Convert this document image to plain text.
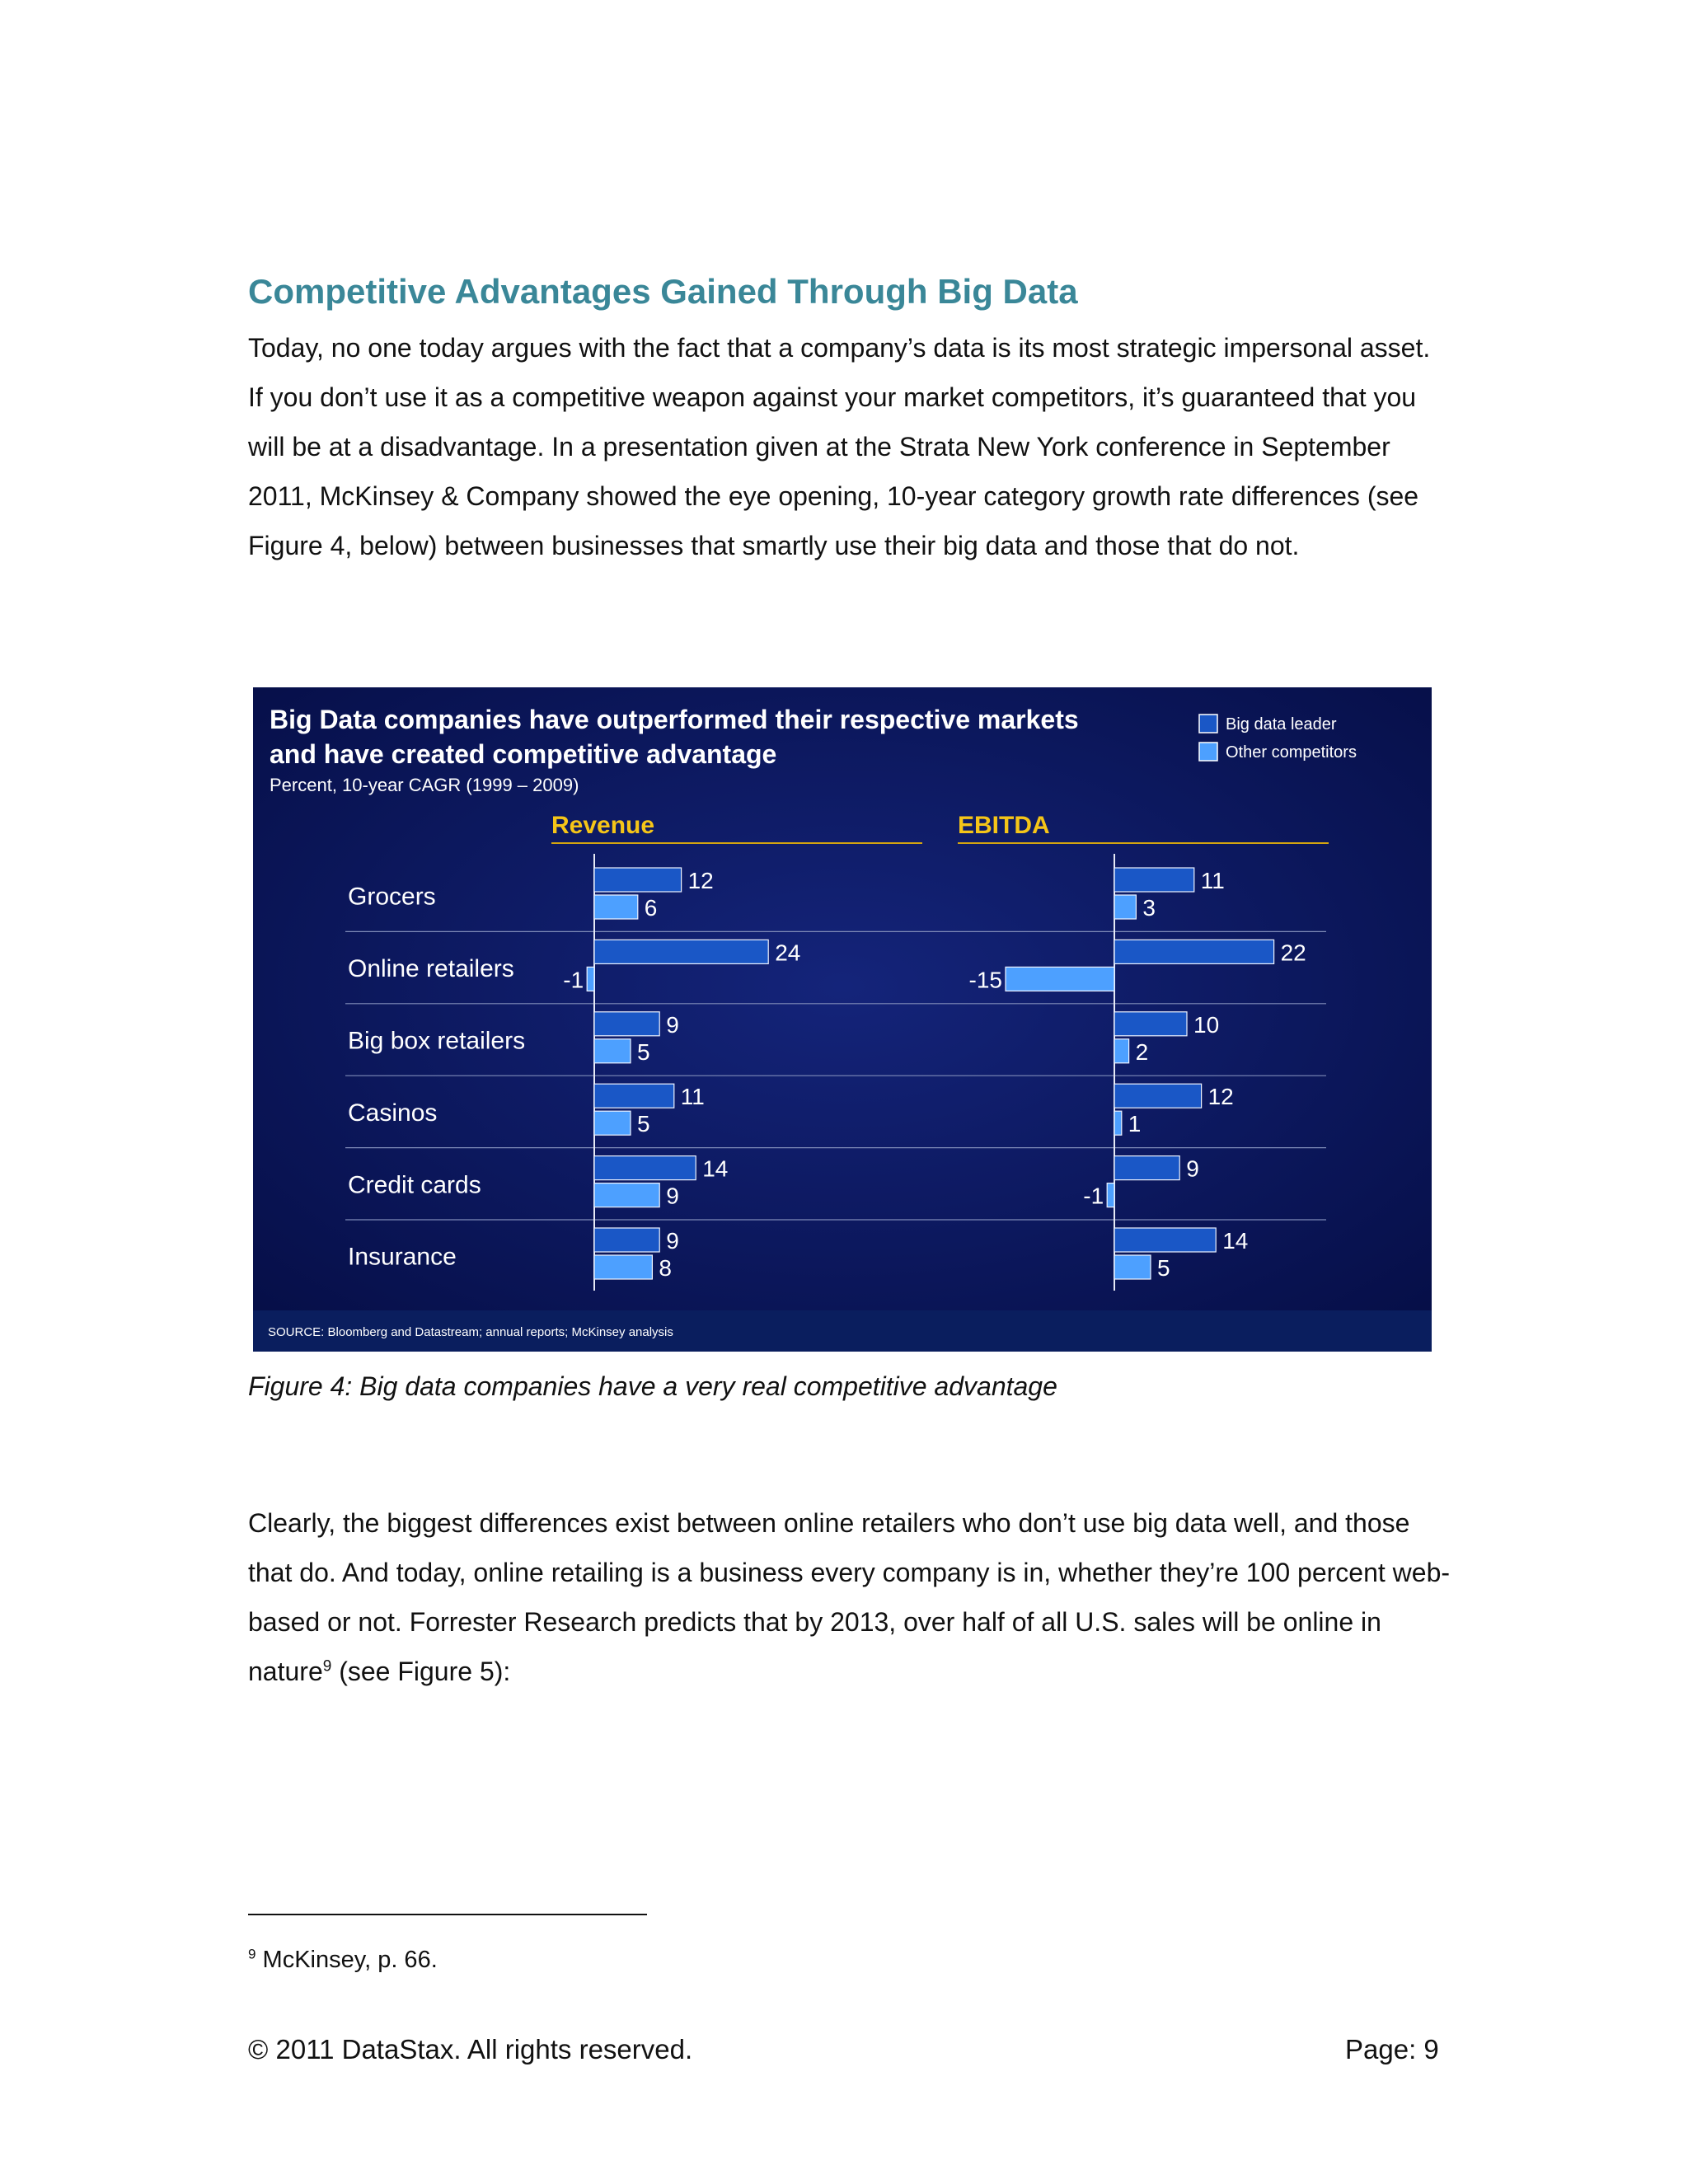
Competitive Advantages Gained Through Big Data

Today, no one today argues with the fact that a company’s data is its most strategic impersonal asset. If you don’t use it as a competitive weapon against your market competitors, it’s guaranteed that you will be at a disadvantage. In a presentation given at the Strata New York conference in September 2011, McKinsey & Company showed the eye opening, 10-year category growth rate differences (see Figure 4, below) between businesses that smartly use their big data and those that do not.

Big Data companies have outperformed their respective markets
and have created competitive advantage
Percent, 10-year CAGR (1999 – 2009)
Big data leader
Other competitors
Revenue	EBITDA
Grocers
Online retailers
Big box retailers
Casinos
Credit cards
Insurance
12
24
9
11
14
9
6
-1
5
5
9
8
11
22
10
12
9
14
3
-15
2
1
-1
5
SOURCE: Bloomberg and Datastream; annual reports; McKinsey analysis

Figure 4: Big data companies have a very real competitive advantage

Clearly, the biggest differences exist between online retailers who don’t use big data well, and those that do. And today, online retailing is a business every company is in, whether they’re 100 percent web-based or not. Forrester Research predicts that by 2013, over half of all U.S. sales will be online in nature$^9$ (see Figure 5):

$^9$ McKinsey, p. 66.

© 2011 DataStax. All rights reserved.	Page: 9
